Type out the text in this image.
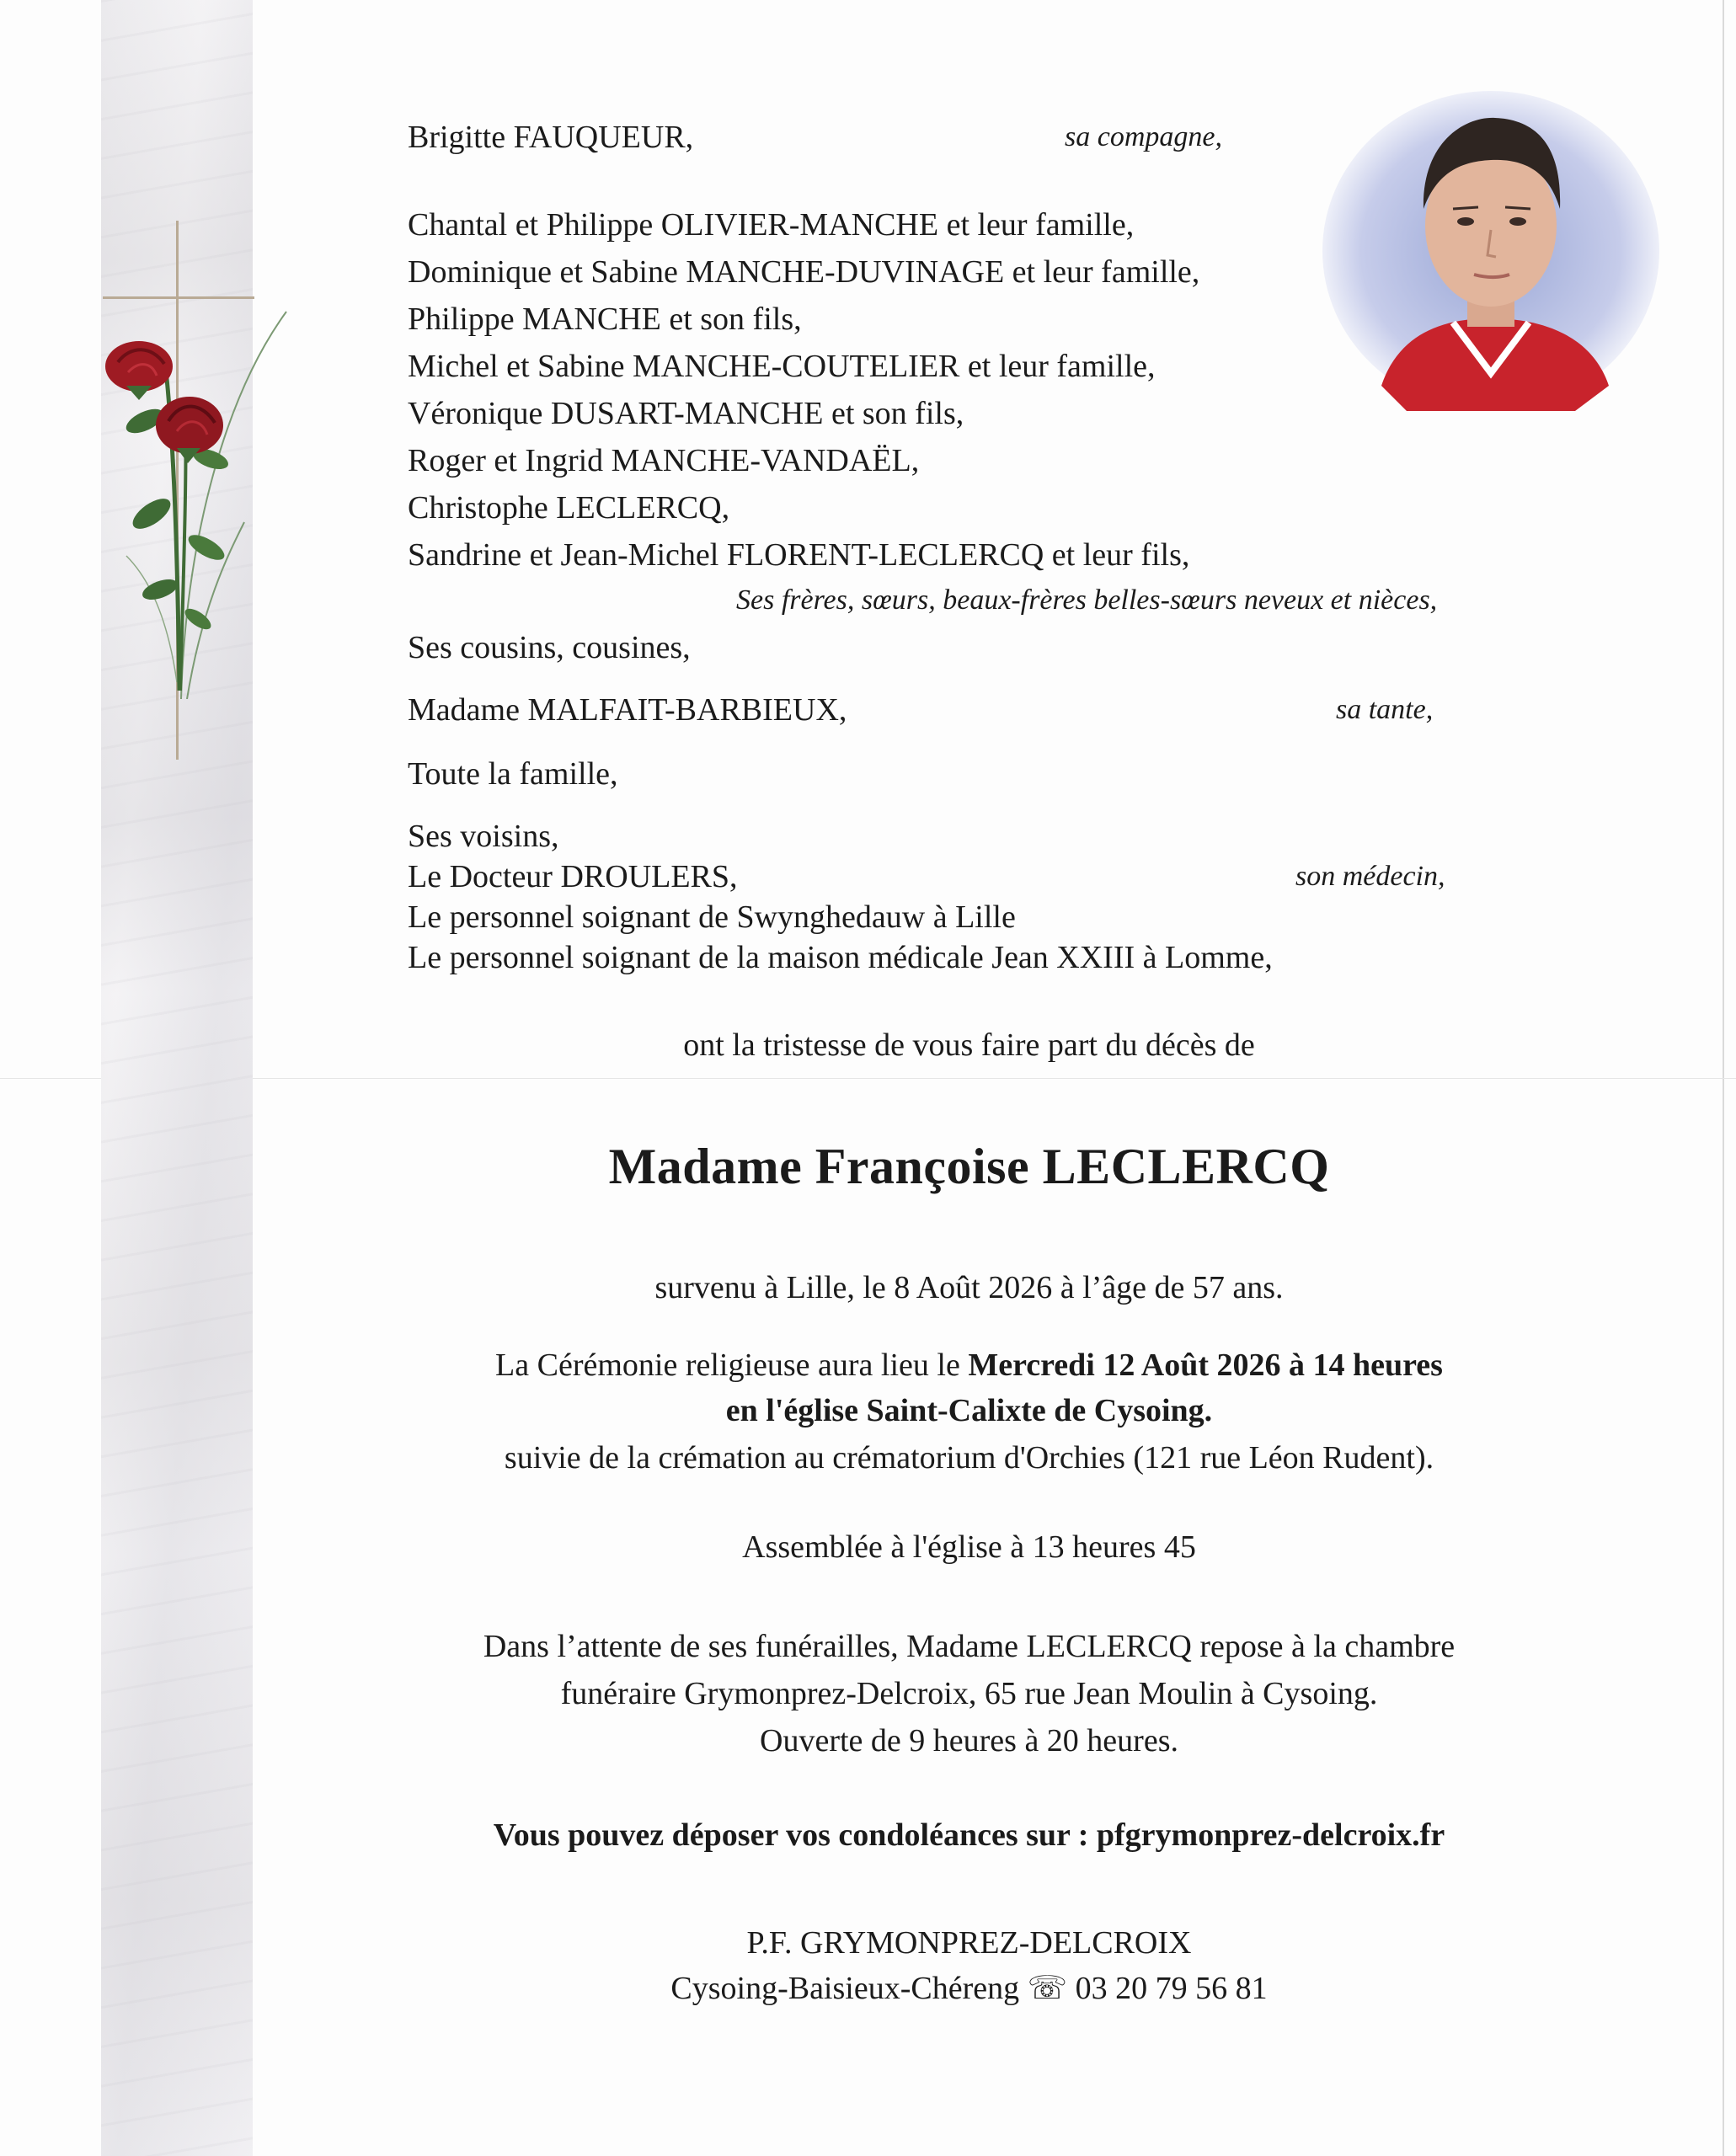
Brigitte FAUQUEUR,	sa compagne,
Chantal et Philippe OLIVIER-MANCHE et leur famille,
Dominique et Sabine MANCHE-DUVINAGE et leur famille,
Philippe MANCHE et son fils,
Michel et Sabine MANCHE-COUTELIER et leur famille,
Véronique DUSART-MANCHE et son fils,
Roger et Ingrid MANCHE-VANDAËL,
Christophe LECLERCQ,
Sandrine et Jean-Michel FLORENT-LECLERCQ et leur fils,
Ses frères, sœurs, beaux-frères belles-sœurs neveux et nièces,
Ses cousins, cousines,
Madame MALFAIT-BARBIEUX,	sa tante,
Toute la famille,
Ses voisins,
Le Docteur DROULERS,	son médecin,
Le personnel soignant de Swynghedauw à Lille
Le personnel soignant de la maison médicale Jean XXIII à Lomme,
ont la tristesse de vous faire part du décès de
Madame Françoise LECLERCQ
survenu à Lille, le 8 Août 2026 à l’âge de 57 ans.
La Cérémonie religieuse aura lieu le Mercredi 12 Août 2026 à 14 heures
en l'église Saint-Calixte de Cysoing.
suivie de la crémation au crématorium d'Orchies (121 rue Léon Rudent).
Assemblée à l'église à 13 heures 45
Dans l’attente de ses funérailles, Madame LECLERCQ repose à la chambre
funéraire Grymonprez-Delcroix, 65 rue Jean Moulin à Cysoing.
Ouverte de 9 heures à 20 heures.
Vous pouvez déposer vos condoléances sur : pfgrymonprez-delcroix.fr
P.F. GRYMONPREZ-DELCROIX
Cysoing-Baisieux-Chéreng ☏ 03 20 79 56 81
